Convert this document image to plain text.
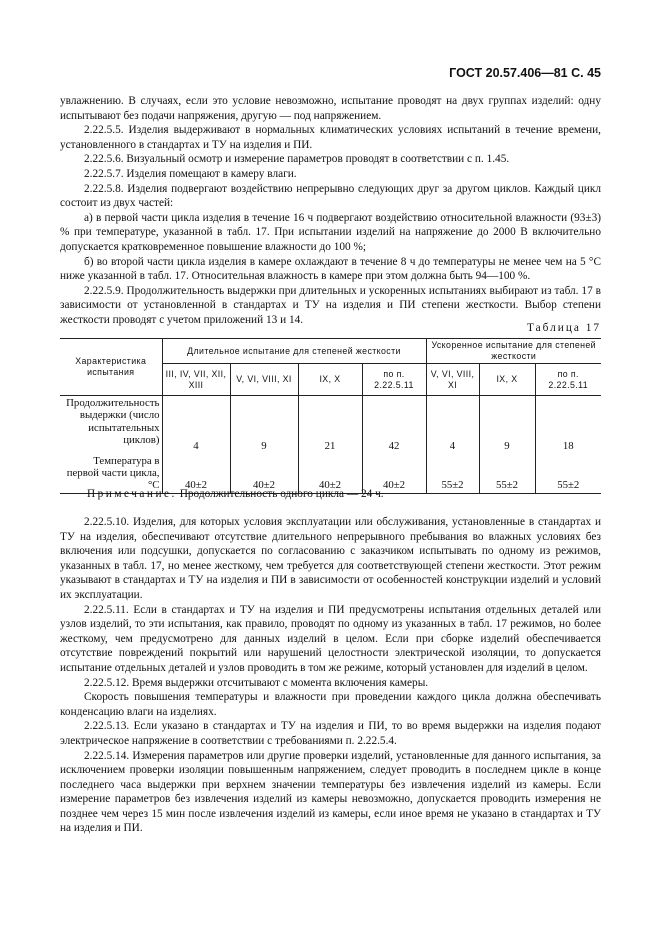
ГОСТ 20.57.406—81 С. 45

увлажнению. В случаях, если это условие невозможно, испытание проводят на двух группах изделий: одну испытывают без подачи напряжения, другую — под напряжением.

2.22.5.5. Изделия выдерживают в нормальных климатических условиях испытаний в течение времени, установленного в стандартах и ТУ на изделия и ПИ.

2.22.5.6. Визуальный осмотр и измерение параметров проводят в соответствии с п. 1.45.

2.22.5.7. Изделия помещают в камеру влаги.

2.22.5.8. Изделия подвергают воздействию непрерывно следующих друг за другом циклов. Каждый цикл состоит из двух частей:

а) в первой части цикла изделия в течение 16 ч подвергают воздействию относительной влажности (93±3) % при температуре, указанной в табл. 17. При испытании изделий на напряжение до 2000 В включительно допускается кратковременное повышение влажности до 100 %;

б) во второй части цикла изделия в камере охлаждают в течение 8 ч до температуры не менее чем на 5 °С ниже указанной в табл. 17. Относительная влажность в камере при этом должна быть 94—100 %.

2.22.5.9. Продолжительность выдержки при длительных и ускоренных испытаниях выбирают из табл. 17 в зависимости от установленной в стандартах и ТУ на изделия и ПИ степени жесткости. Выбор степени жесткости проводят с учетом приложений 13 и 14.

Таблица 17
Характеристика испытания	Длительное испытание для степеней жесткости				Ускоренное испытание для степеней жесткости		
	III, IV, VII, XII, XIII	V, VI, VIII, XI	IX, X	по п. 2.22.5.11	V, VI, VIII, XI	IX, X	по п. 2.22.5.11
Продолжительность выдержки (число испытательных циклов)	4	9	21	42	4	9	18
Температура в первой части цикла, °С	40±2	40±2	40±2	40±2	55±2	55±2	55±2
Примечание. Продолжительность одного цикла — 24 ч.

2.22.5.10. Изделия, для которых условия эксплуатации или обслуживания, установленные в стандартах и ТУ на изделия, обеспечивают отсутствие длительного непрерывного пребывания во влажных условиях без включения или подсушки, допускается по согласованию с заказчиком испытывать по одному из режимов, указанных в табл. 17, но менее жесткому, чем требуется для соответствующей степени жесткости. Этот режим указывают в стандартах и ТУ на изделия и ПИ в зависимости от особенностей конструкции изделий и условий их эксплуатации.

2.22.5.11. Если в стандартах и ТУ на изделия и ПИ предусмотрены испытания отдельных деталей или узлов изделий, то эти испытания, как правило, проводят по одному из указанных в табл. 17 режимов, но более жесткому, чем предусмотрено для данных изделий в целом. Если при сборке изделий обеспечивается отсутствие повреждений покрытий или нарушений целостности электрической изоляции, то допускается испытание отдельных деталей и узлов проводить в том же режиме, который установлен для изделий в целом.

2.22.5.12. Время выдержки отсчитывают с момента включения камеры.

Скорость повышения температуры и влажности при проведении каждого цикла должна обеспечивать конденсацию влаги на изделиях.

2.22.5.13. Если указано в стандартах и ТУ на изделия и ПИ, то во время выдержки на изделия подают электрическое напряжение в соответствии с требованиями п. 2.22.5.4.

2.22.5.14. Измерения параметров или другие проверки изделий, установленные для данного испытания, за исключением проверки изоляции повышенным напряжением, следует проводить в последнем цикле в конце последнего часа выдержки при верхнем значении температуры без извлечения изделий из камеры. Если измерение параметров без извлечения изделий из камеры невозможно, допускается проводить измерения не позднее чем через 15 мин после извлечения изделий из камеры, если иное время не указано в стандартах и ТУ на изделия и ПИ.
